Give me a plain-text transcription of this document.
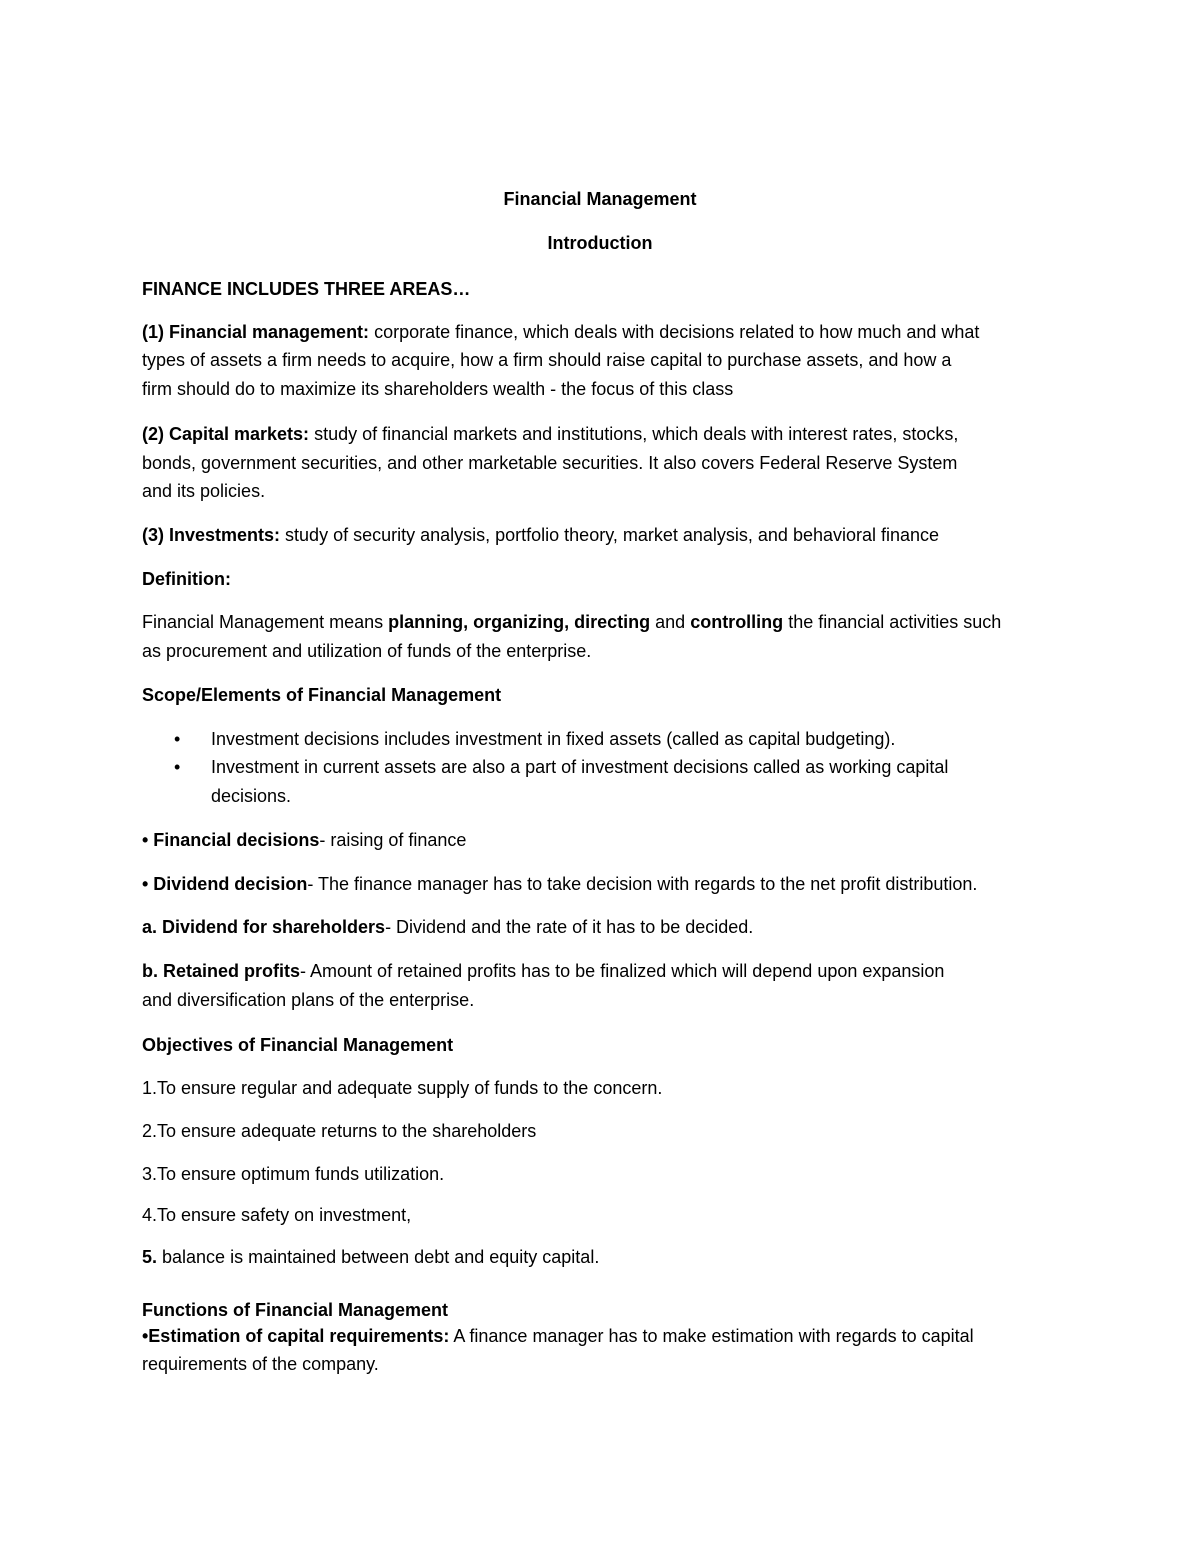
Financial Management
Introduction
FINANCE INCLUDES THREE AREAS…
(1) Financial management: corporate finance, which deals with decisions related to how much and what
types of assets a firm needs to acquire, how a firm should raise capital to purchase assets, and how a
firm should do to maximize its shareholders wealth - the focus of this class
(2) Capital markets: study of financial markets and institutions, which deals with interest rates, stocks,
bonds, government securities, and other marketable securities. It also covers Federal Reserve System
and its policies.
(3) Investments: study of security analysis, portfolio theory, market analysis, and behavioral finance
Definition:
Financial Management means planning, organizing, directing and controlling the financial activities such
as procurement and utilization of funds of the enterprise.
Scope/Elements of Financial Management
• Investment decisions includes investment in fixed assets (called as capital budgeting).
• Investment in current assets are also a part of investment decisions called as working capital
decisions.
• Financial decisions- raising of finance
• Dividend decision- The finance manager has to take decision with regards to the net profit distribution.
a. Dividend for shareholders- Dividend and the rate of it has to be decided.
b. Retained profits- Amount of retained profits has to be finalized which will depend upon expansion
and diversification plans of the enterprise.
Objectives of Financial Management
1.To ensure regular and adequate supply of funds to the concern.
2.To ensure adequate returns to the shareholders
3.To ensure optimum funds utilization.
4.To ensure safety on investment,
5. balance is maintained between debt and equity capital.
Functions of Financial Management
•Estimation of capital requirements: A finance manager has to make estimation with regards to capital
requirements of the company.
